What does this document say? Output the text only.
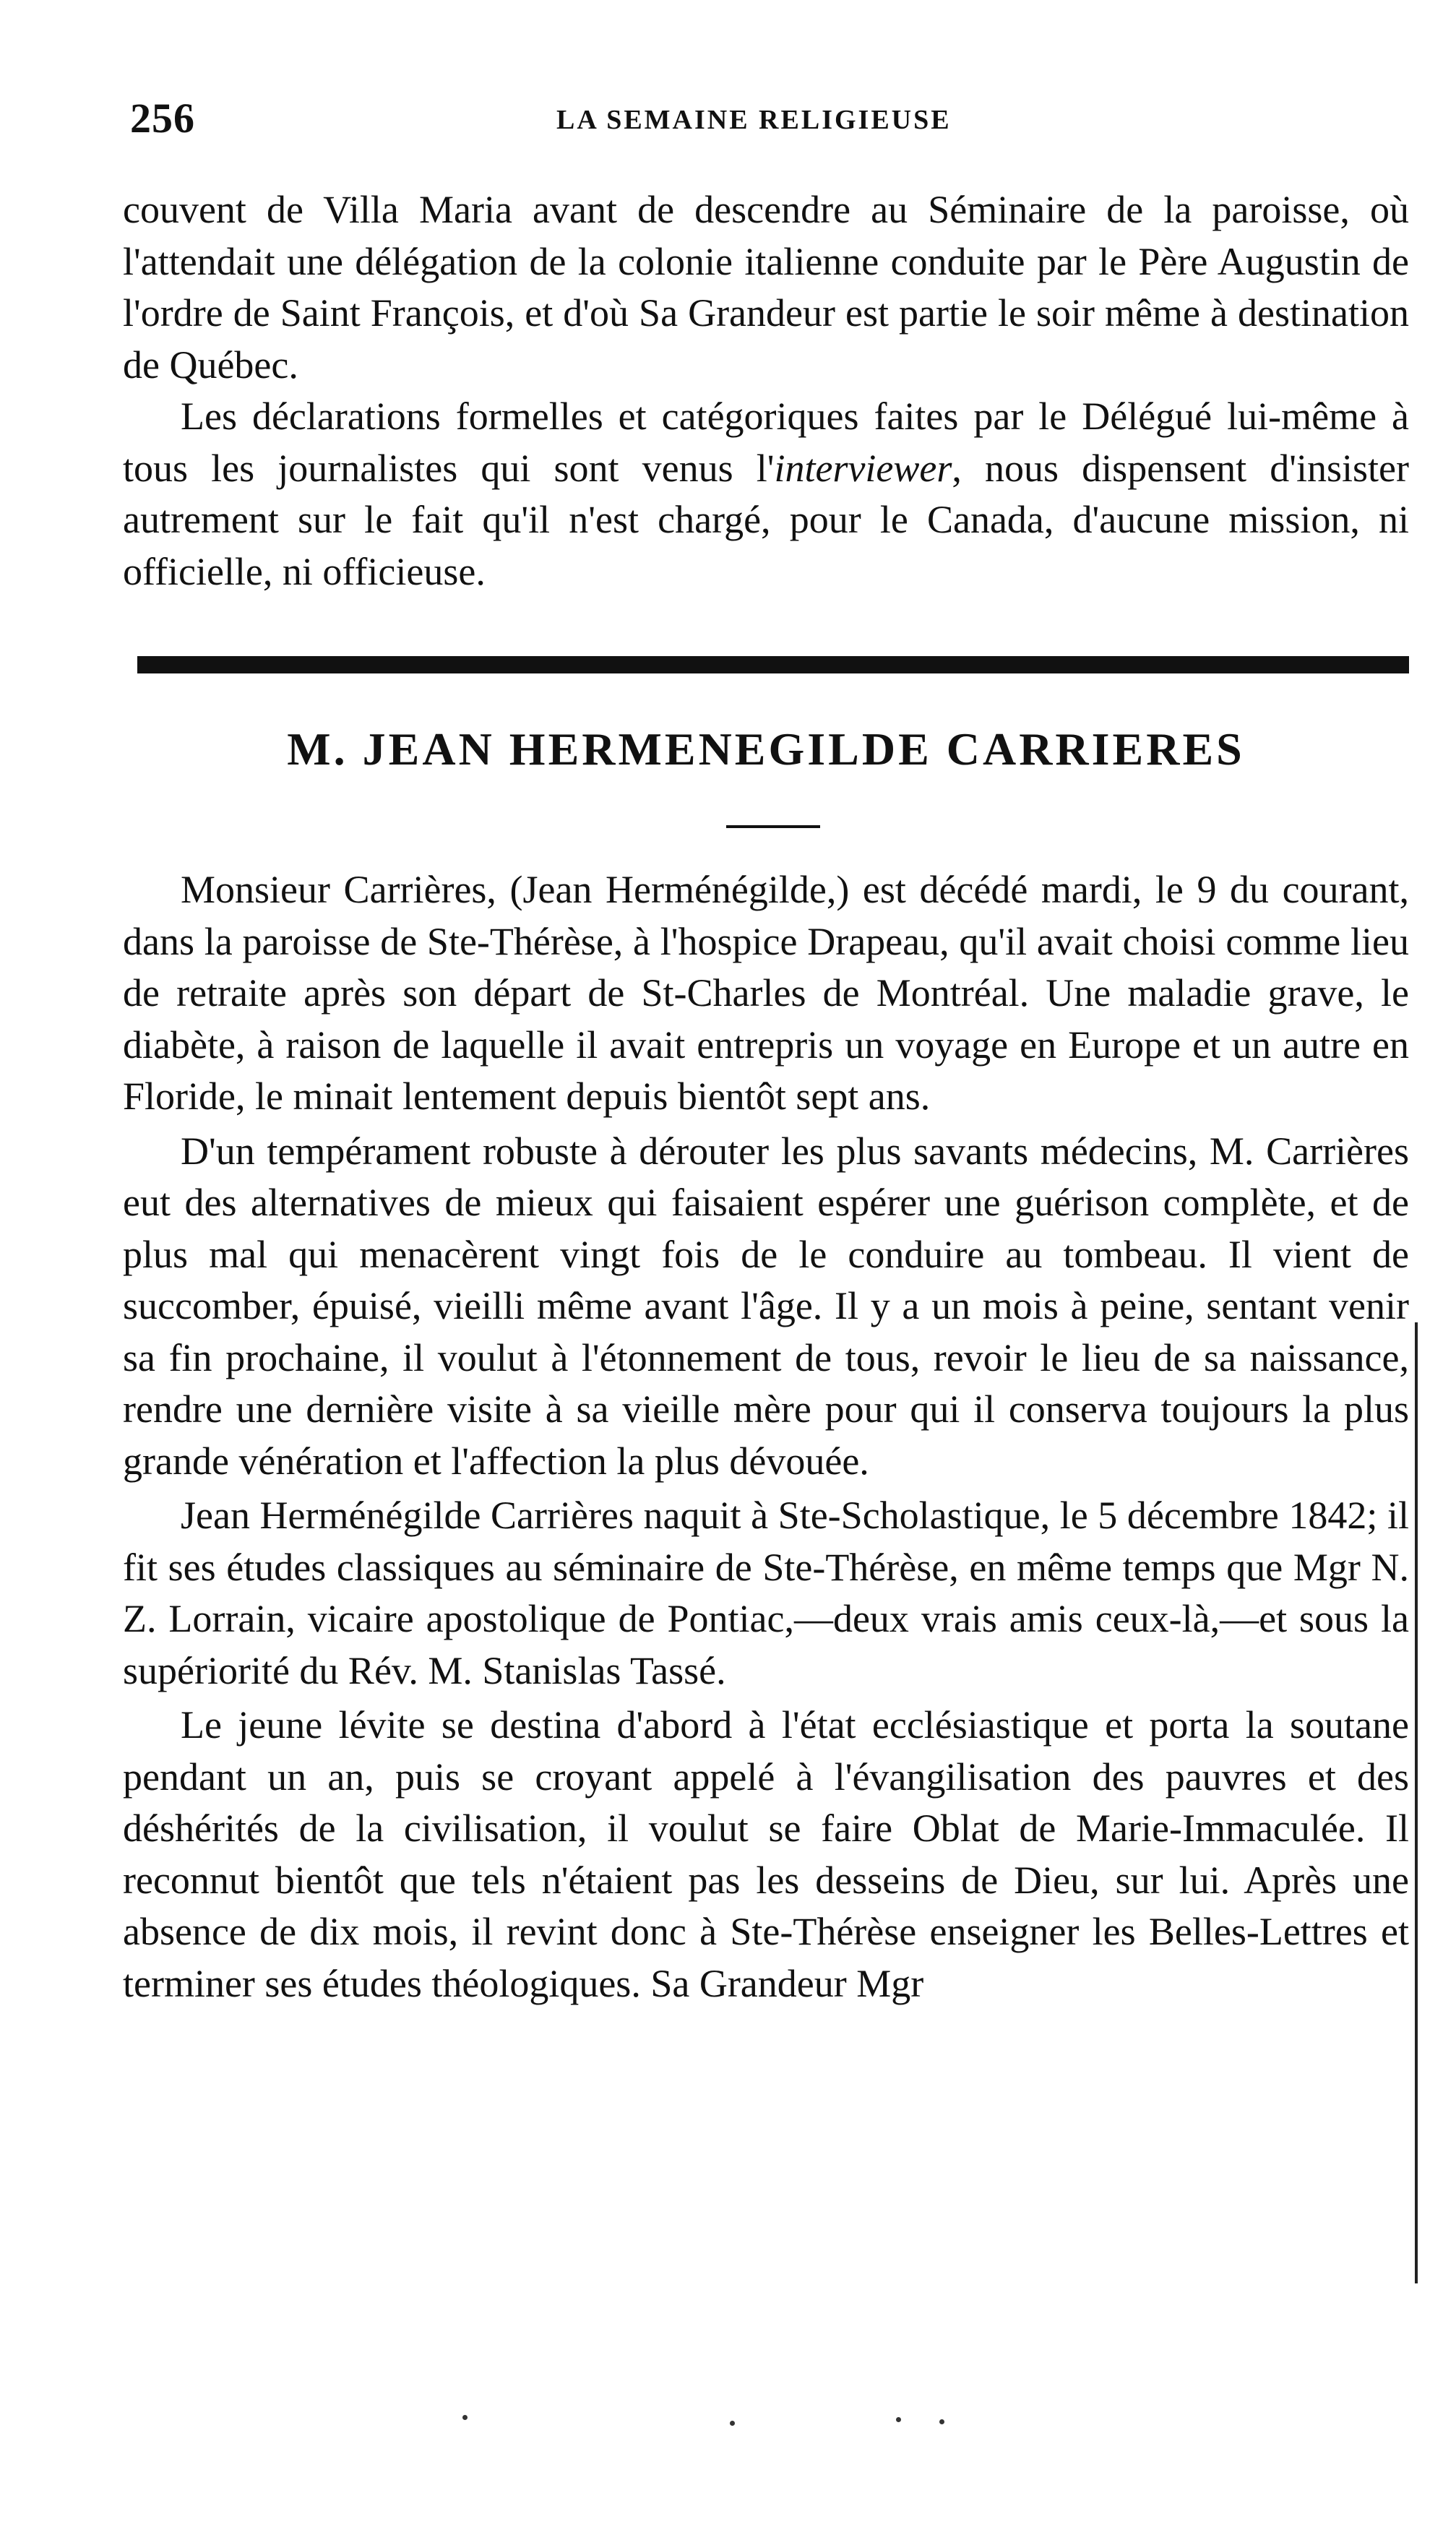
256	LA SEMAINE RELIGIEUSE

couvent de Villa Maria avant de descendre au Séminaire de la paroisse, où l'attendait une délégation de la colonie italienne conduite par le Père Augustin de l'ordre de Saint François, et d'où Sa Grandeur est partie le soir même à destination de Québec.

Les déclarations formelles et catégoriques faites par le Délégué lui-même à tous les journalistes qui sont venus l'interviewer, nous dispensent d'insister autrement sur le fait qu'il n'est chargé, pour le Canada, d'aucune mission, ni officielle, ni officieuse.

M. JEAN HERMENEGILDE CARRIERES

Monsieur Carrières, (Jean Herménégilde,) est décédé mardi, le 9 du courant, dans la paroisse de Ste-Thérèse, à l'hospice Drapeau, qu'il avait choisi comme lieu de retraite après son départ de St-Charles de Montréal. Une maladie grave, le diabète, à raison de laquelle il avait entrepris un voyage en Europe et un autre en Floride, le minait lentement depuis bientôt sept ans.

D'un tempérament robuste à dérouter les plus savants médecins, M. Carrières eut des alternatives de mieux qui faisaient espérer une guérison complète, et de plus mal qui menacèrent vingt fois de le conduire au tombeau. Il vient de succomber, épuisé, vieilli même avant l'âge. Il y a un mois à peine, sentant venir sa fin prochaine, il voulut à l'étonnement de tous, revoir le lieu de sa naissance, rendre une dernière visite à sa vieille mère pour qui il conserva toujours la plus grande vénération et l'affection la plus dévouée.

Jean Herménégilde Carrières naquit à Ste-Scholastique, le 5 décembre 1842; il fit ses études classiques au séminaire de Ste-Thérèse, en même temps que Mgr N. Z. Lorrain, vicaire apostolique de Pontiac,—deux vrais amis ceux-là,—et sous la supériorité du Rév. M. Stanislas Tassé.

Le jeune lévite se destina d'abord à l'état ecclésiastique et porta la soutane pendant un an, puis se croyant appelé à l'évangilisation des pauvres et des déshérités de la civilisation, il voulut se faire Oblat de Marie-Immaculée. Il reconnut bientôt que tels n'étaient pas les desseins de Dieu, sur lui. Après une absence de dix mois, il revint donc à Ste-Thérèse enseigner les Belles-Lettres et terminer ses études théologiques. Sa Grandeur Mgr
